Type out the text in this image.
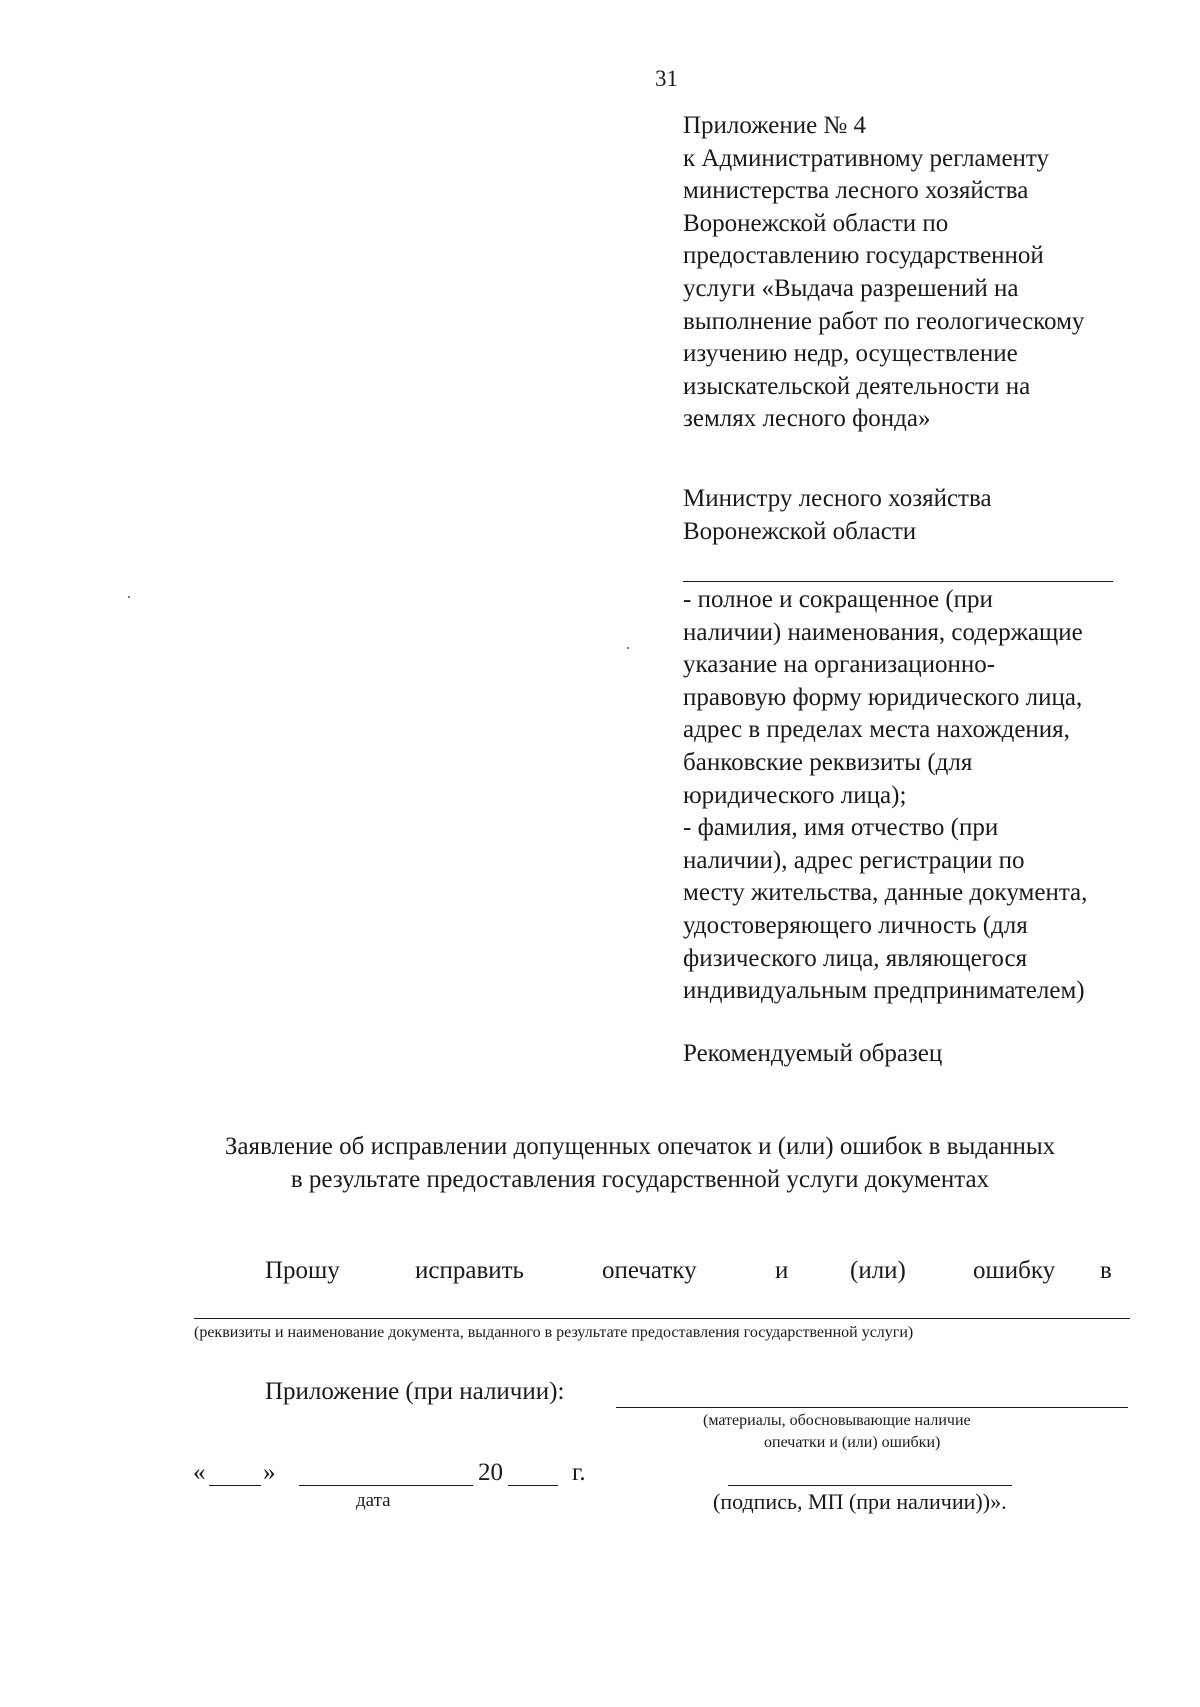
31
Приложение № 4
к Административному регламенту
министерства лесного хозяйства
Воронежской области по
предоставлению государственной
услуги «Выдача разрешений на
выполнение работ по геологическому
изучению недр, осуществление
изыскательской деятельности на
землях лесного фонда»
Министру лесного хозяйства
Воронежской области
- полное и сокращенное (при
наличии) наименования, содержащие
указание на организационно-
правовую форму юридического лица,
адрес в пределах места нахождения,
банковские реквизиты (для
юридического лица);
- фамилия, имя отчество (при
наличии), адрес регистрации по
месту жительства, данные документа,
удостоверяющего личность (для
физического лица, являющегося
индивидуальным предпринимателем)
Рекомендуемый образец
Заявление об исправлении допущенных опечаток и (или) ошибок в выданных
в результате предоставления государственной услуги документах
Прошу	исправить	опечатку	и (или)	ошибку в
(реквизиты и наименование документа, выданного в результате предоставления государственной услуги)
Приложение (при наличии):
(материалы, обосновывающие наличие
опечатки и (или) ошибки)
« »	20	г.
дата	(подпись, МП (при наличии))».
